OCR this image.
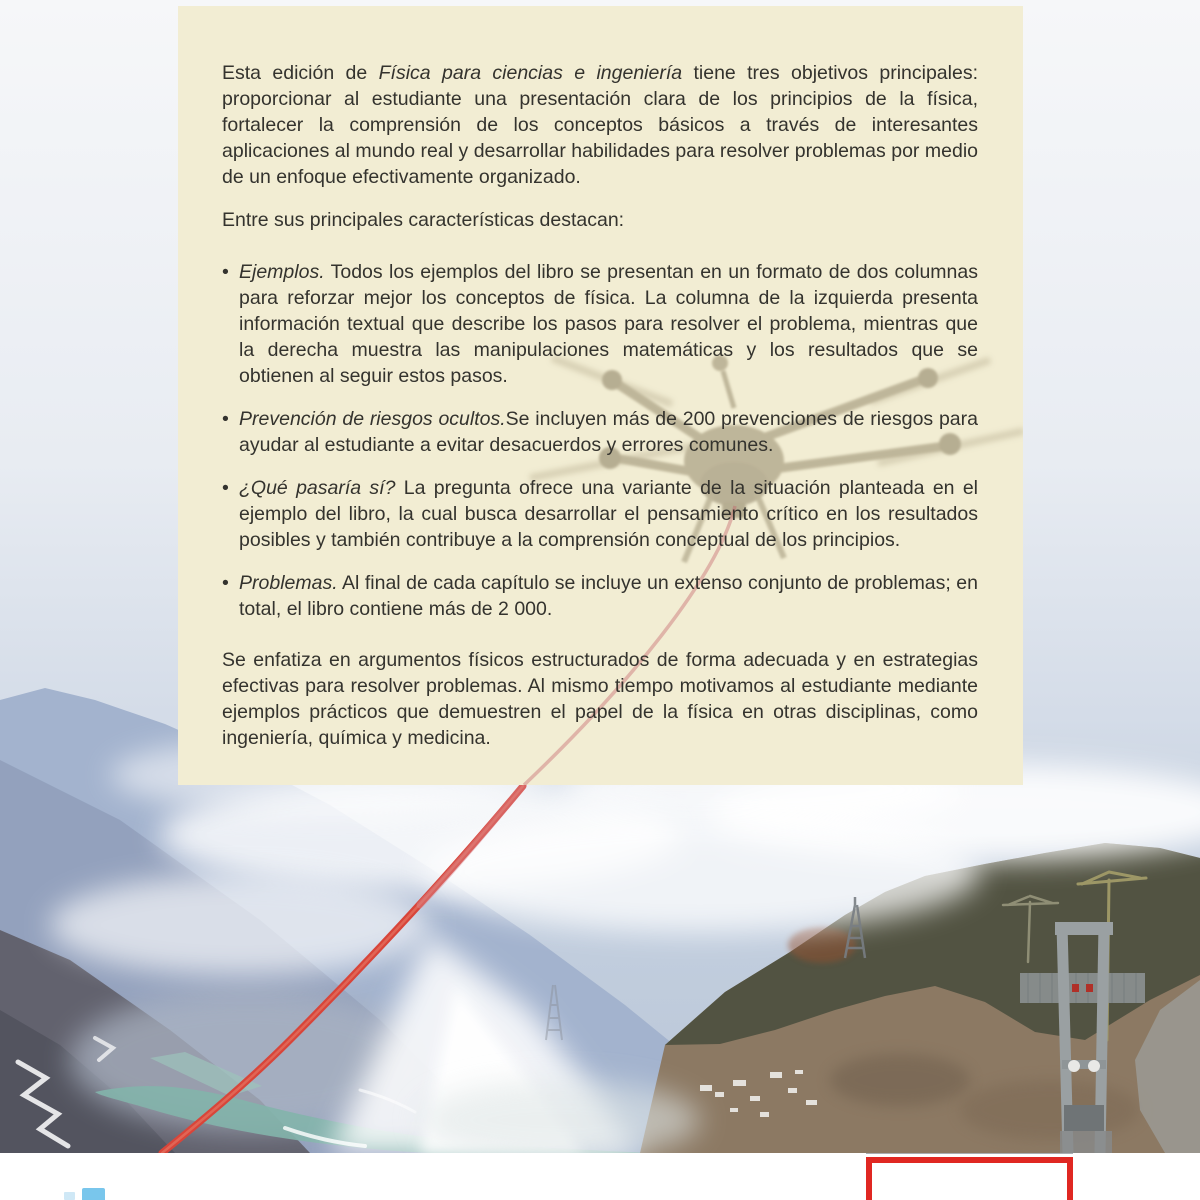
Esta edición de Física para ciencias e ingeniería tiene tres objetivos principales: proporcionar al estudiante una presentación clara de los principios de la física, fortalecer la comprensión de los conceptos básicos a través de interesantes aplicaciones al mundo real y desarrollar habilidades para resolver problemas por medio de un enfoque efectivamente organizado.

Entre sus principales características destacan:

• Ejemplos. Todos los ejemplos del libro se presentan en un formato de dos columnas para reforzar mejor los conceptos de física. La columna de la izquierda presenta información textual que describe los pasos para resolver el problema, mientras que la derecha muestra las manipulaciones matemáticas y los resultados que se obtienen al seguir estos pasos.
• Prevención de riesgos ocultos.Se incluyen más de 200 prevenciones de riesgos para ayudar al estudiante a evitar desacuerdos y errores comunes.
• ¿Qué pasaría sí? La pregunta ofrece una variante de la situación planteada en el ejemplo del libro, la cual busca desarrollar el pensamiento crítico en los resultados posibles y también contribuye a la comprensión conceptual de los principios.
• Problemas. Al final de cada capítulo se incluye un extenso conjunto de problemas; en total, el libro contiene más de 2 000.

Se enfatiza en argumentos físicos estructurados de forma adecuada y en estrategias efectivas para resolver problemas. Al mismo tiempo motivamos al estudiante mediante ejemplos prácticos que demuestren el papel de la física en otras disciplinas, como ingeniería, química y medicina.
